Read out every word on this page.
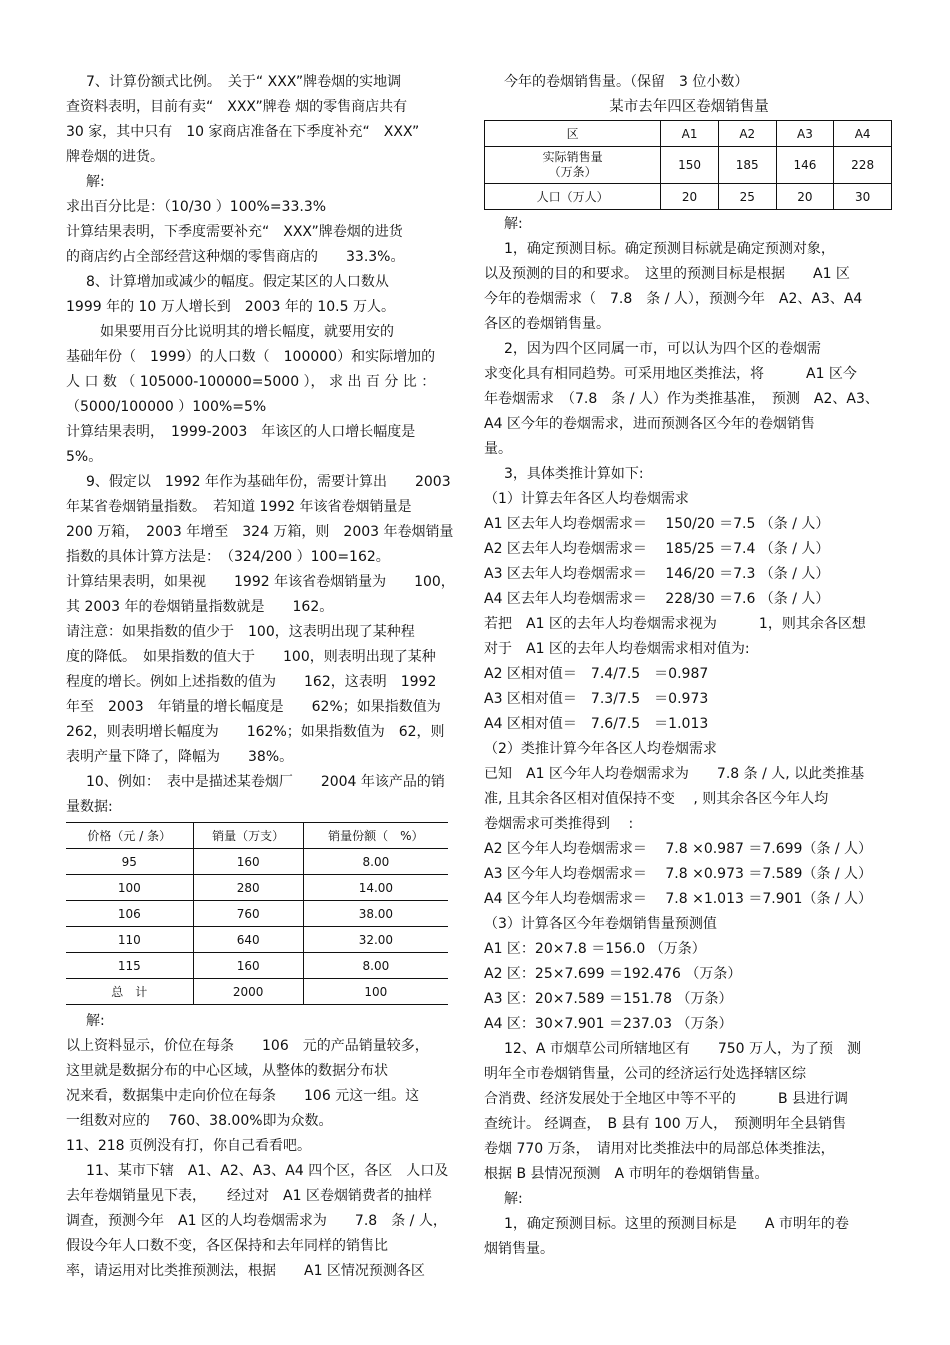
7、计算份额式比例。　关于“ XXX”牌卷烟的实地调
查资料表明，目前有卖“　XXX”牌卷 烟的零售商店共有
30 家，其中只有　10 家商店准备在下季度补充“　XXX”
牌卷烟的进货。
解:
求出百分比是：（10/30 ）100%=33.3%
计算结果表明，下季度需要补充“　XXX”牌卷烟的进货
的商店约占全部经营这种烟的零售商店的　　33.3%。
8、计算增加或减少的幅度。假定某区的人口数从
1999 年的 10 万人增长到　2003 年的 10.5 万人。
如果要用百分比说明其的增长幅度，就要用安的
基础年份（　1999）的人口数（　100000）和实际增加的
人 口 数 （ 105000-100000=5000 ）， 求 出 百 分 比 ：
（5000/100000 ）100%=5%
计算结果表明，　1999-2003　年该区的人口增长幅度是
5%。
9、假定以　1992 年作为基础年份，需要计算出　　2003
年某省卷烟销量指数。　若知道 1992 年该省卷烟销量是
200 万箱，　2003 年增至　324 万箱，则　2003 年卷烟销量
指数的具体计算方法是：　（324/200 ）100=162。
计算结果表明，如果视　　1992 年该省卷烟销量为　　100，
其 2003 年的卷烟销量指数就是　　162。
请注意：如果指数的值少于　100，这表明出现了某种程
度的降低。　如果指数的值大于　　100，则表明出现了某种
程度的增长。例如上述指数的值为　　162，这表明　1992
年至　2003　年销量的增长幅度是　　62%；如果指数值为
262，则表明增长幅度为　　162%；如果指数值为　62，则
表明产量下降了，降幅为　　38%。
10、例如：　表中是描述某卷烟厂　　2004 年该产品的销
量数据:
价格（元 / 条）	销量（万支）	销量份额（　%）
95	160	8.00
100	280	14.00
106	760	38.00
110	640	32.00
115	160	8.00
总　计	2000	100
解:
以上资料显示，价位在每条　　106　元的产品销量较多，
这里就是数据分布的中心区域，从整体的数据分布状
况来看，数据集中走向价位在每条　　106 元这一组。这
一组数对应的　 760、38.00%即为众数。
11、218 页例没有打，你自己看看吧。
11、某市下辖　A1、A2、A3、A4 四个区，各区　人口及
去年卷烟销量见下表，　　经过对　A1 区卷烟销费者的抽样
调查，预测今年　A1 区的人均卷烟需求为　　7.8　条 / 人，
假设今年人口数不变，各区保持和去年同样的销售比
率，请运用对比类推预测法，根据　　A1 区情况预测各区
今年的卷烟销售量。（保留　3 位小数）
某市去年四区卷烟销售量
区	A1	A2	A3	A4

实际销售量
（万条）	150	185	146	228
人口（万人）	20	25	20	30
解:
1，确定预测目标。确定预测目标就是确定预测对象，
以及预测的目的和要求。　这里的预测目标是根据　　A1 区
今年的卷烟需求（　7.8　条 / 人），预测今年　A2、A3、A4
各区的卷烟销售量。
2，因为四个区同属一市，可以认为四个区的卷烟需
求变化具有相同趋势。可采用地区类推法，将　　　A1 区今
年卷烟需求　（7.8　条 / 人）作为类推基准，　预测　A2、A3、
A4 区今年的卷烟需求，进而预测各区今年的卷烟销售
量。
3，具体类推计算如下:
（1）计算去年各区人均卷烟需求
A1 区去年人均卷烟需求＝　 150/20 ＝7.5 （条 / 人）
A2 区去年人均卷烟需求＝　 185/25 ＝7.4 （条 / 人）
A3 区去年人均卷烟需求＝　 146/20 ＝7.3 （条 / 人）
A4 区去年人均卷烟需求＝　 228/30 ＝7.6 （条 / 人）
若把　A1 区的去年人均卷烟需求视为　　　1，则其余各区想
对于　A1 区的去年人均卷烟需求相对值为:
A2 区相对值＝　7.4/7.5　＝0.987
A3 区相对值＝　7.3/7.5　＝0.973
A4 区相对值＝　7.6/7.5　＝1.013
（2）类推计算今年各区人均卷烟需求
已知　A1 区今年人均卷烟需求为　　7.8 条 / 人, 以此类推基
准, 且其余各区相对值保持不变　 , 则其余各区今年人均
卷烟需求可类推得到　 :
A2 区今年人均卷烟需求＝　 7.8 ×0.987 ＝7.699（条 / 人）
A3 区今年人均卷烟需求＝　 7.8 ×0.973 ＝7.589（条 / 人）
A4 区今年人均卷烟需求＝　 7.8 ×1.013 ＝7.901（条 / 人）
（3）计算各区今年卷烟销售量预测值
A1 区：20×7.8 ＝156.0 （万条）
A2 区：25×7.699 ＝192.476 （万条）
A3 区：20×7.589 ＝151.78 （万条）
A4 区：30×7.901 ＝237.03 （万条）
12、A 市烟草公司所辖地区有　　750 万人，为了预　测
明年全市卷烟销售量，公司的经济运行处选择辖区综
合消费、经济发展处于全地区中等不平的　　　B 县进行调
查统计。 经调查，　B 县有 100 万人，　预测明年全县销售
卷烟 770 万条，　请用对比类推法中的局部总体类推法，
根据 B 县情况预测　A 市明年的卷烟销售量。
解:
1，确定预测目标。这里的预测目标是　　A 市明年的卷
烟销售量。
